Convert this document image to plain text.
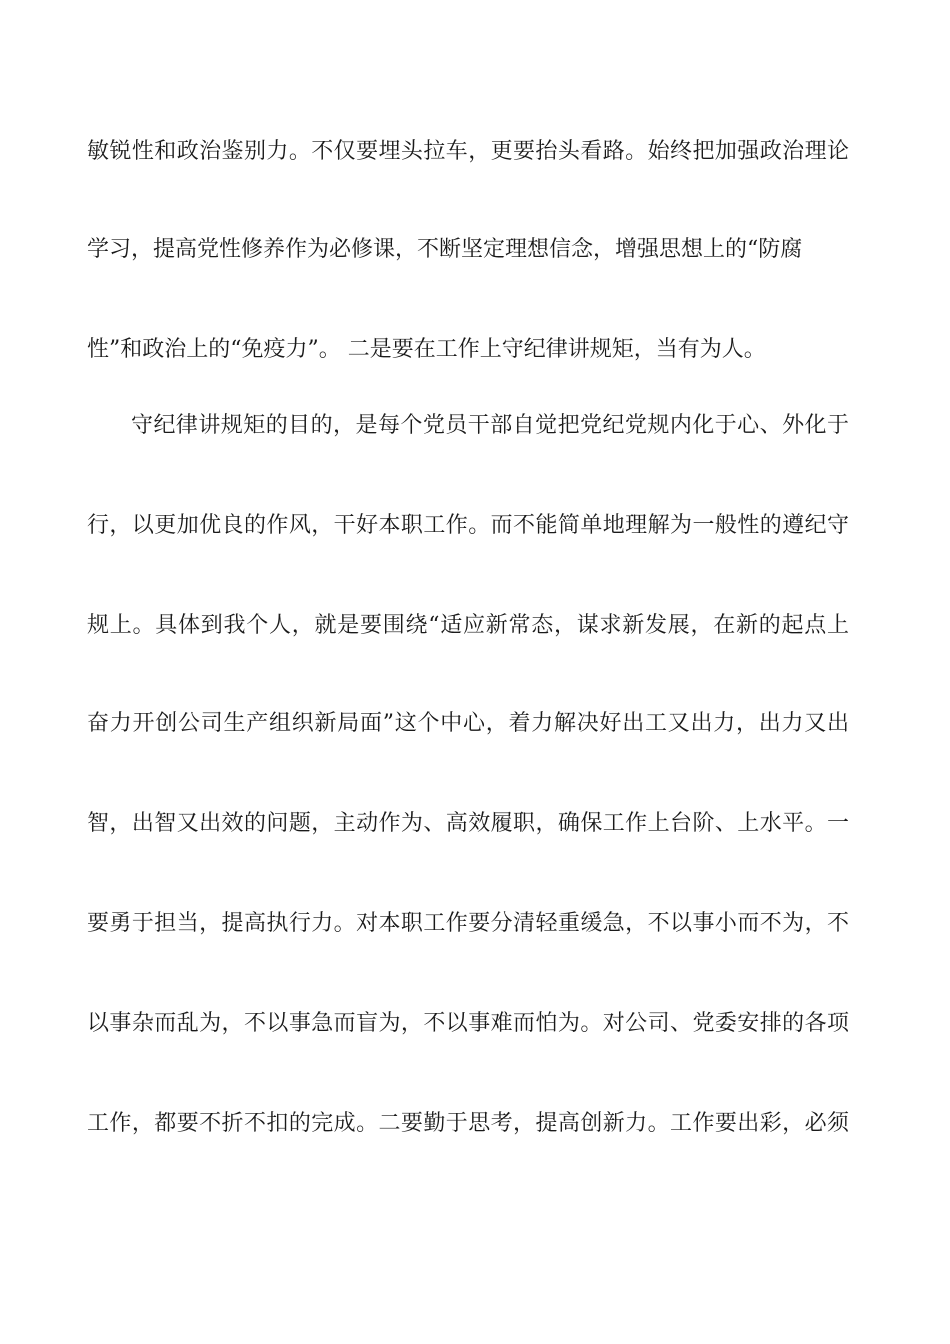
敏锐性和政治鉴别力。不仅要埋头拉车，更要抬头看路。始终把加强政治理论
学习，提高党性修养作为必修课，不断坚定理想信念，增强思想上的“防腐
性”和政治上的“免疫力”。 二是要在工作上守纪律讲规矩，当有为人。
守纪律讲规矩的目的，是每个党员干部自觉把党纪党规内化于心、外化于
行，以更加优良的作风，干好本职工作。而不能简单地理解为一般性的遵纪守
规上。具体到我个人，就是要围绕“适应新常态，谋求新发展，在新的起点上
奋力开创公司生产组织新局面”这个中心，着力解决好出工又出力，出力又出
智，出智又出效的问题，主动作为、高效履职，确保工作上台阶、上水平。一
要勇于担当，提高执行力。对本职工作要分清轻重缓急，不以事小而不为，不
以事杂而乱为，不以事急而盲为，不以事难而怕为。对公司、党委安排的各项
工作，都要不折不扣的完成。二要勤于思考，提高创新力。工作要出彩，必须
